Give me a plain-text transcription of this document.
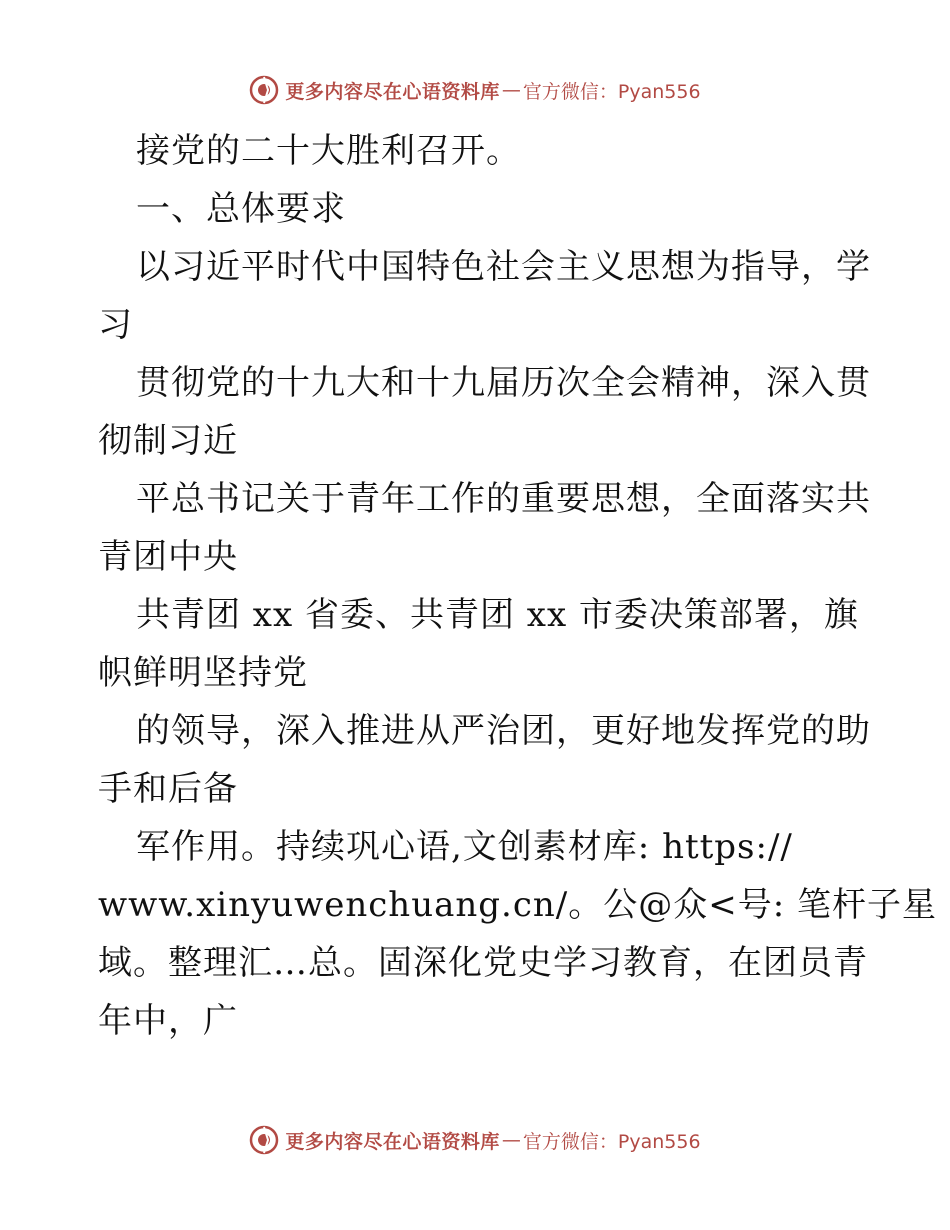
更多内容尽在心语资料库 — 官方微信：Pyan556
接党的二十大胜利召开。
一、总体要求
以习近平时代中国特色社会主义思想为指导，学
习
贯彻党的十九大和十九届历次全会精神，深入贯
彻制习近
平总书记关于青年工作的重要思想，全面落实共
青团中央
共青团 xx 省委、共青团 xx 市委决策部署，旗
帜鲜明坚持党
的领导，深入推进从严治团，更好地发挥党的助
手和后备
军作用。持续巩心语,文创素材库: https://
www.xinyuwenchuang.cn/。公@众<号: 笔杆子星
域。整理汇…总。固深化党史学习教育，在团员青
年中，广
更多内容尽在心语资料库 — 官方微信：Pyan556
